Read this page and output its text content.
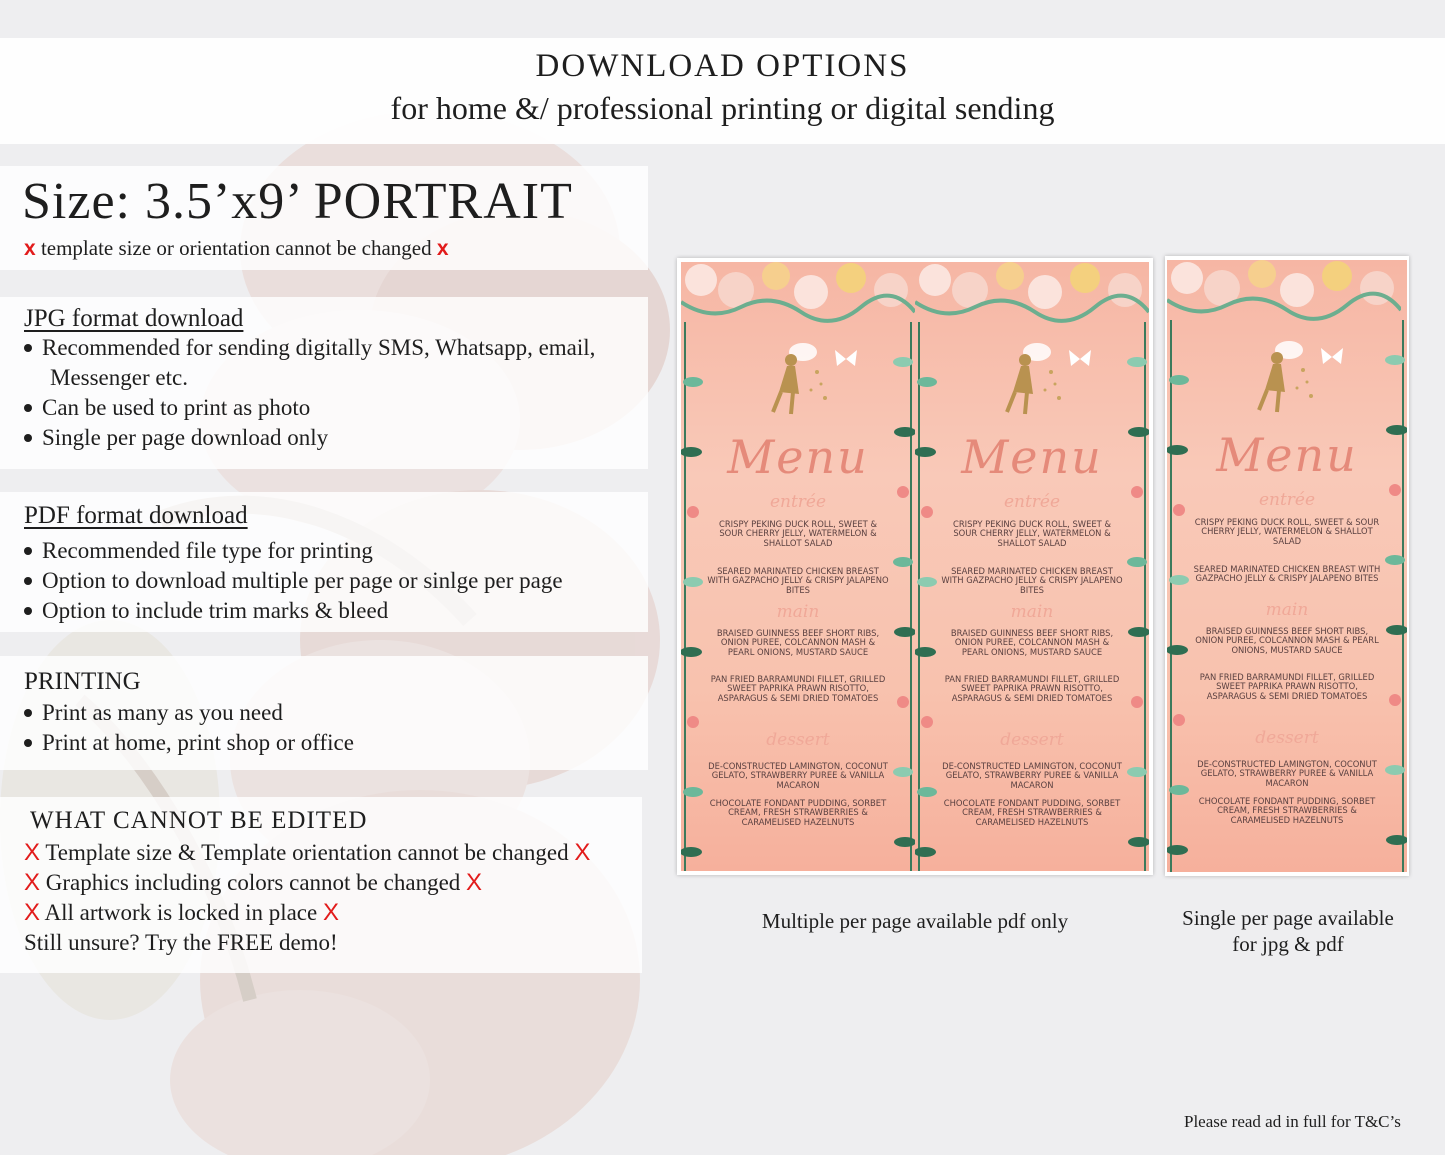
DOWNLOAD OPTIONS
for home &/ professional printing or digital sending
Size: 3.5’x9’ PORTRAIT
x template size or orientation cannot be changed x
JPG format download
Recommended for sending digitally SMS, Whatsapp, email,
Messenger etc.
Can be used to print as photo
Single per page download only
PDF format download
Recommended file type for printing
Option to download multiple per page or sinlge per page
Option to include trim marks & bleed
PRINTING
Print as many as you need
Print at home, print shop or office
WHAT CANNOT BE EDITED
X Template size & Template orientation cannot be changed X
X Graphics including colors cannot be changed X
X All artwork is locked in place X
Still unsure? Try the FREE demo!
Menu
entrée
CRISPY PEKING DUCK ROLL, SWEET & SOUR CHERRY JELLY, WATERMELON & SHALLOT SALAD
SEARED MARINATED CHICKEN BREAST WITH GAZPACHO JELLY & CRISPY JALAPENO BITES
main
BRAISED GUINNESS BEEF SHORT RIBS, ONION PUREE, COLCANNON MASH & PEARL ONIONS, MUSTARD SAUCE
PAN FRIED BARRAMUNDI FILLET, GRILLED SWEET PAPRIKA PRAWN RISOTTO, ASPARAGUS & SEMI DRIED TOMATOES
dessert
DE-CONSTRUCTED LAMINGTON, COCONUT GELATO, STRAWBERRY PUREE & VANILLA MACARON
CHOCOLATE FONDANT PUDDING, SORBET CREAM, FRESH STRAWBERRIES & CARAMELISED HAZELNUTS
Menu
entrée
CRISPY PEKING DUCK ROLL, SWEET & SOUR CHERRY JELLY, WATERMELON & SHALLOT SALAD
SEARED MARINATED CHICKEN BREAST WITH GAZPACHO JELLY & CRISPY JALAPENO BITES
main
BRAISED GUINNESS BEEF SHORT RIBS, ONION PUREE, COLCANNON MASH & PEARL ONIONS, MUSTARD SAUCE
PAN FRIED BARRAMUNDI FILLET, GRILLED SWEET PAPRIKA PRAWN RISOTTO, ASPARAGUS & SEMI DRIED TOMATOES
dessert
DE-CONSTRUCTED LAMINGTON, COCONUT GELATO, STRAWBERRY PUREE & VANILLA MACARON
CHOCOLATE FONDANT PUDDING, SORBET CREAM, FRESH STRAWBERRIES & CARAMELISED HAZELNUTS
Menu
entrée
CRISPY PEKING DUCK ROLL, SWEET & SOUR CHERRY JELLY, WATERMELON & SHALLOT SALAD
SEARED MARINATED CHICKEN BREAST WITH GAZPACHO JELLY & CRISPY JALAPENO BITES
main
BRAISED GUINNESS BEEF SHORT RIBS, ONION PUREE, COLCANNON MASH & PEARL ONIONS, MUSTARD SAUCE
PAN FRIED BARRAMUNDI FILLET, GRILLED SWEET PAPRIKA PRAWN RISOTTO, ASPARAGUS & SEMI DRIED TOMATOES
dessert
DE-CONSTRUCTED LAMINGTON, COCONUT GELATO, STRAWBERRY PUREE & VANILLA MACARON
CHOCOLATE FONDANT PUDDING, SORBET CREAM, FRESH STRAWBERRIES & CARAMELISED HAZELNUTS
Multiple per page available pdf only	Single per page available
for jpg & pdf
Please read ad in full for T&C’s
